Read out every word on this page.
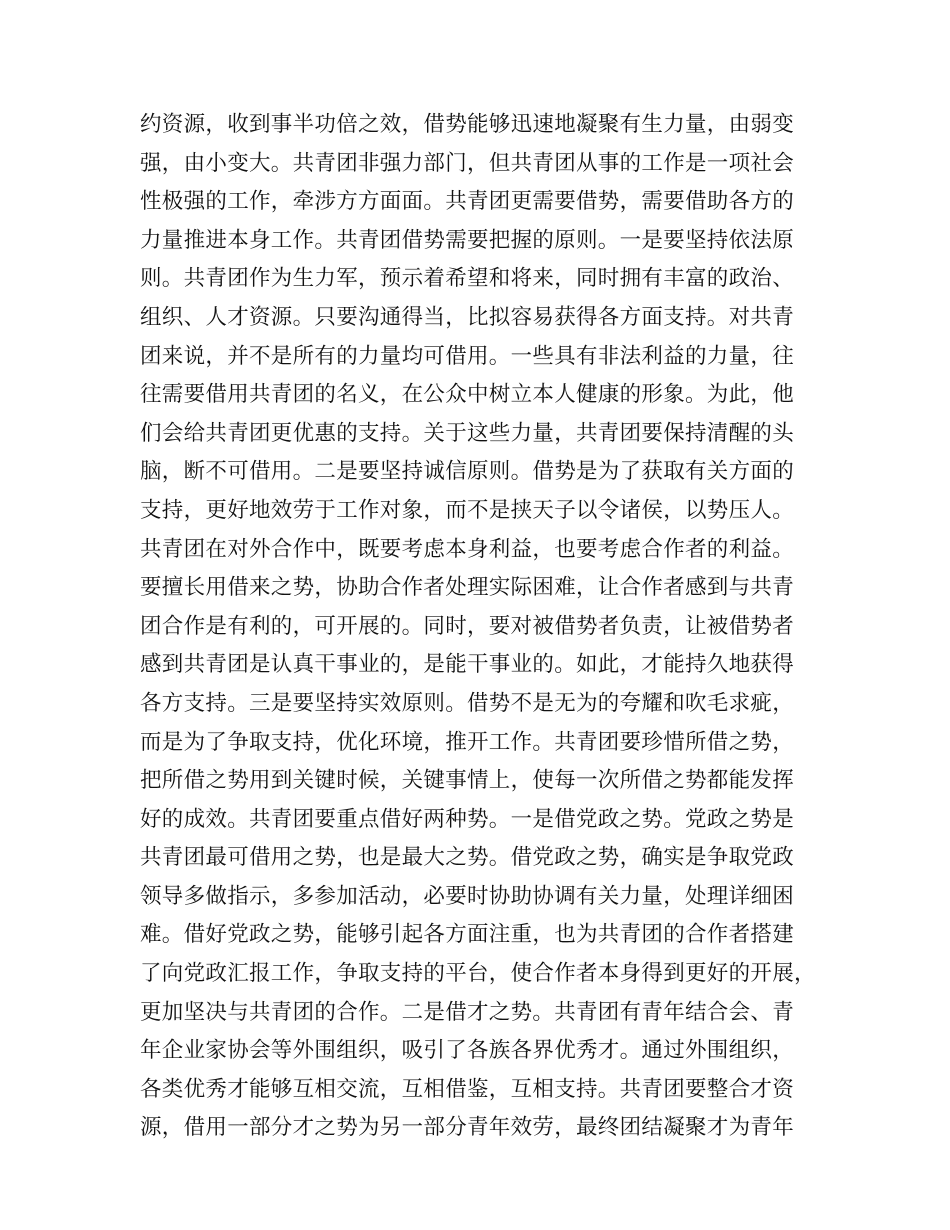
约资源，收到事半功倍之效，借势能够迅速地凝聚有生力量，由弱变
强，由小变大。共青团非强力部门，但共青团从事的工作是一项社会
性极强的工作，牵涉方方面面。共青团更需要借势，需要借助各方的
力量推进本身工作。共青团借势需要把握的原则。一是要坚持依法原
则。共青团作为生力军，预示着希望和将来，同时拥有丰富的政治、
组织、人才资源。只要沟通得当，比拟容易获得各方面支持。对共青
团来说，并不是所有的力量均可借用。一些具有非法利益的力量，往
往需要借用共青团的名义，在公众中树立本人健康的形象。为此，他
们会给共青团更优惠的支持。关于这些力量，共青团要保持清醒的头
脑，断不可借用。二是要坚持诚信原则。借势是为了获取有关方面的
支持，更好地效劳于工作对象，而不是挟天子以令诸侯，以势压人。
共青团在对外合作中，既要考虑本身利益，也要考虑合作者的利益。
要擅长用借来之势，协助合作者处理实际困难，让合作者感到与共青
团合作是有利的，可开展的。同时，要对被借势者负责，让被借势者
感到共青团是认真干事业的，是能干事业的。如此，才能持久地获得
各方支持。三是要坚持实效原则。借势不是无为的夸耀和吹毛求疵，
而是为了争取支持，优化环境，推开工作。共青团要珍惜所借之势，
把所借之势用到关键时候，关键事情上，使每一次所借之势都能发挥
好的成效。共青团要重点借好两种势。一是借党政之势。党政之势是
共青团最可借用之势，也是最大之势。借党政之势，确实是争取党政
领导多做指示，多参加活动，必要时协助协调有关力量，处理详细困
难。借好党政之势，能够引起各方面注重，也为共青团的合作者搭建
了向党政汇报工作，争取支持的平台，使合作者本身得到更好的开展，
更加坚决与共青团的合作。二是借才之势。共青团有青年结合会、青
年企业家协会等外围组织，吸引了各族各界优秀才。通过外围组织，
各类优秀才能够互相交流，互相借鉴，互相支持。共青团要整合才资
源，借用一部分才之势为另一部分青年效劳，最终团结凝聚才为青年
